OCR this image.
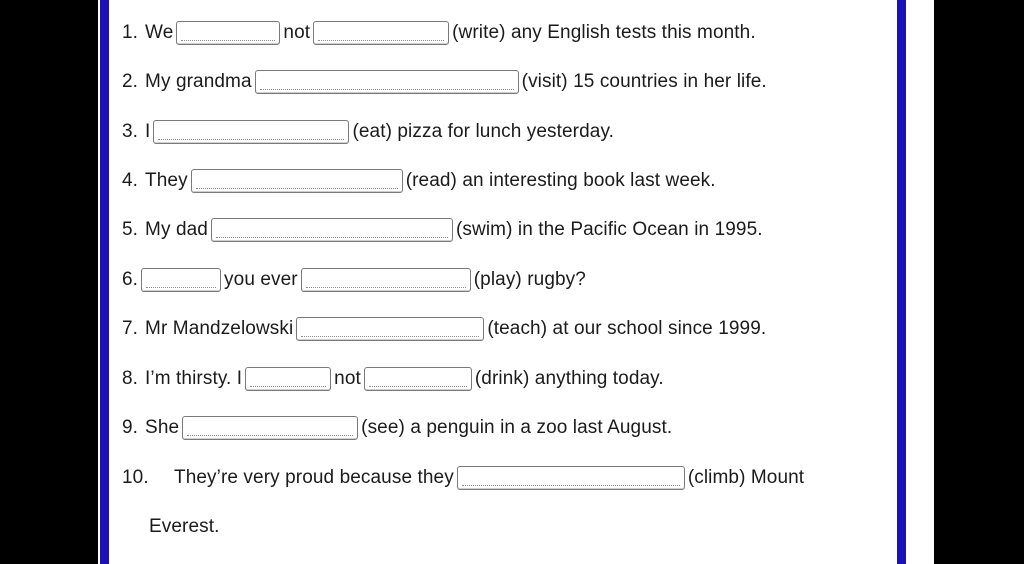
1. We	not	(write) any English tests this month.
2. My grandma	(visit) 15 countries in her life.
3. I	(eat) pizza for lunch yesterday.
4. They	(read) an interesting book last week.
5. My dad	(swim) in the Pacific Ocean in 1995.
6.	you ever	(play) rugby?
7. Mr Mandzelowski	(teach) at our school since 1999.
8. I’m thirsty. I	not	(drink) anything today.
9. She	(see) a penguin in a zoo last August.
10.	They’re very proud because they	(climb) Mount
Everest.
